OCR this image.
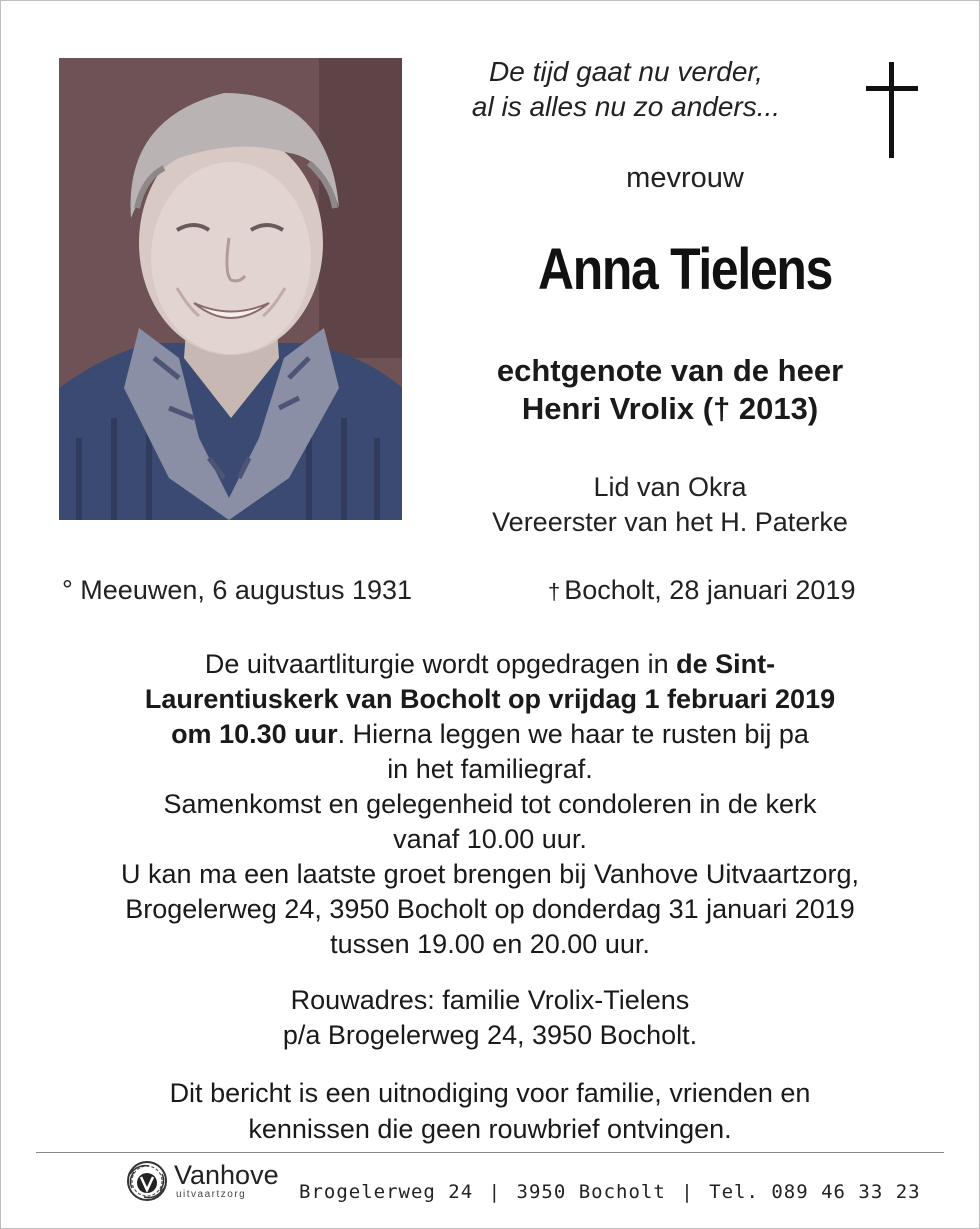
De tijd gaat nu verder,
al is alles nu zo anders...
mevrouw
Anna Tielens
echtgenote van de heer
Henri Vrolix († 2013)
Lid van Okra
Vereerster van het H. Paterke
° Meeuwen, 6 augustus 1931	† Bocholt, 28 januari 2019
De uitvaartliturgie wordt opgedragen in de Sint-
Laurentiuskerk van Bocholt op vrijdag 1 februari 2019
om 10.30 uur. Hierna leggen we haar te rusten bij pa
in het familiegraf.
Samenkomst en gelegenheid tot condoleren in de kerk
vanaf 10.00 uur.
U kan ma een laatste groet brengen bij Vanhove Uitvaartzorg,
Brogelerweg 24, 3950 Bocholt op donderdag 31 januari 2019
tussen 19.00 en 20.00 uur.
Rouwadres: familie Vrolix-Tielens
p/a Brogelerweg 24, 3950 Bocholt.
Dit bericht is een uitnodiging voor familie, vrienden en
kennissen die geen rouwbrief ontvingen.
Vanhove
uitvaartzorg	Brogelerweg 24 | 3950 Bocholt | Tel. 089 46 33 23
